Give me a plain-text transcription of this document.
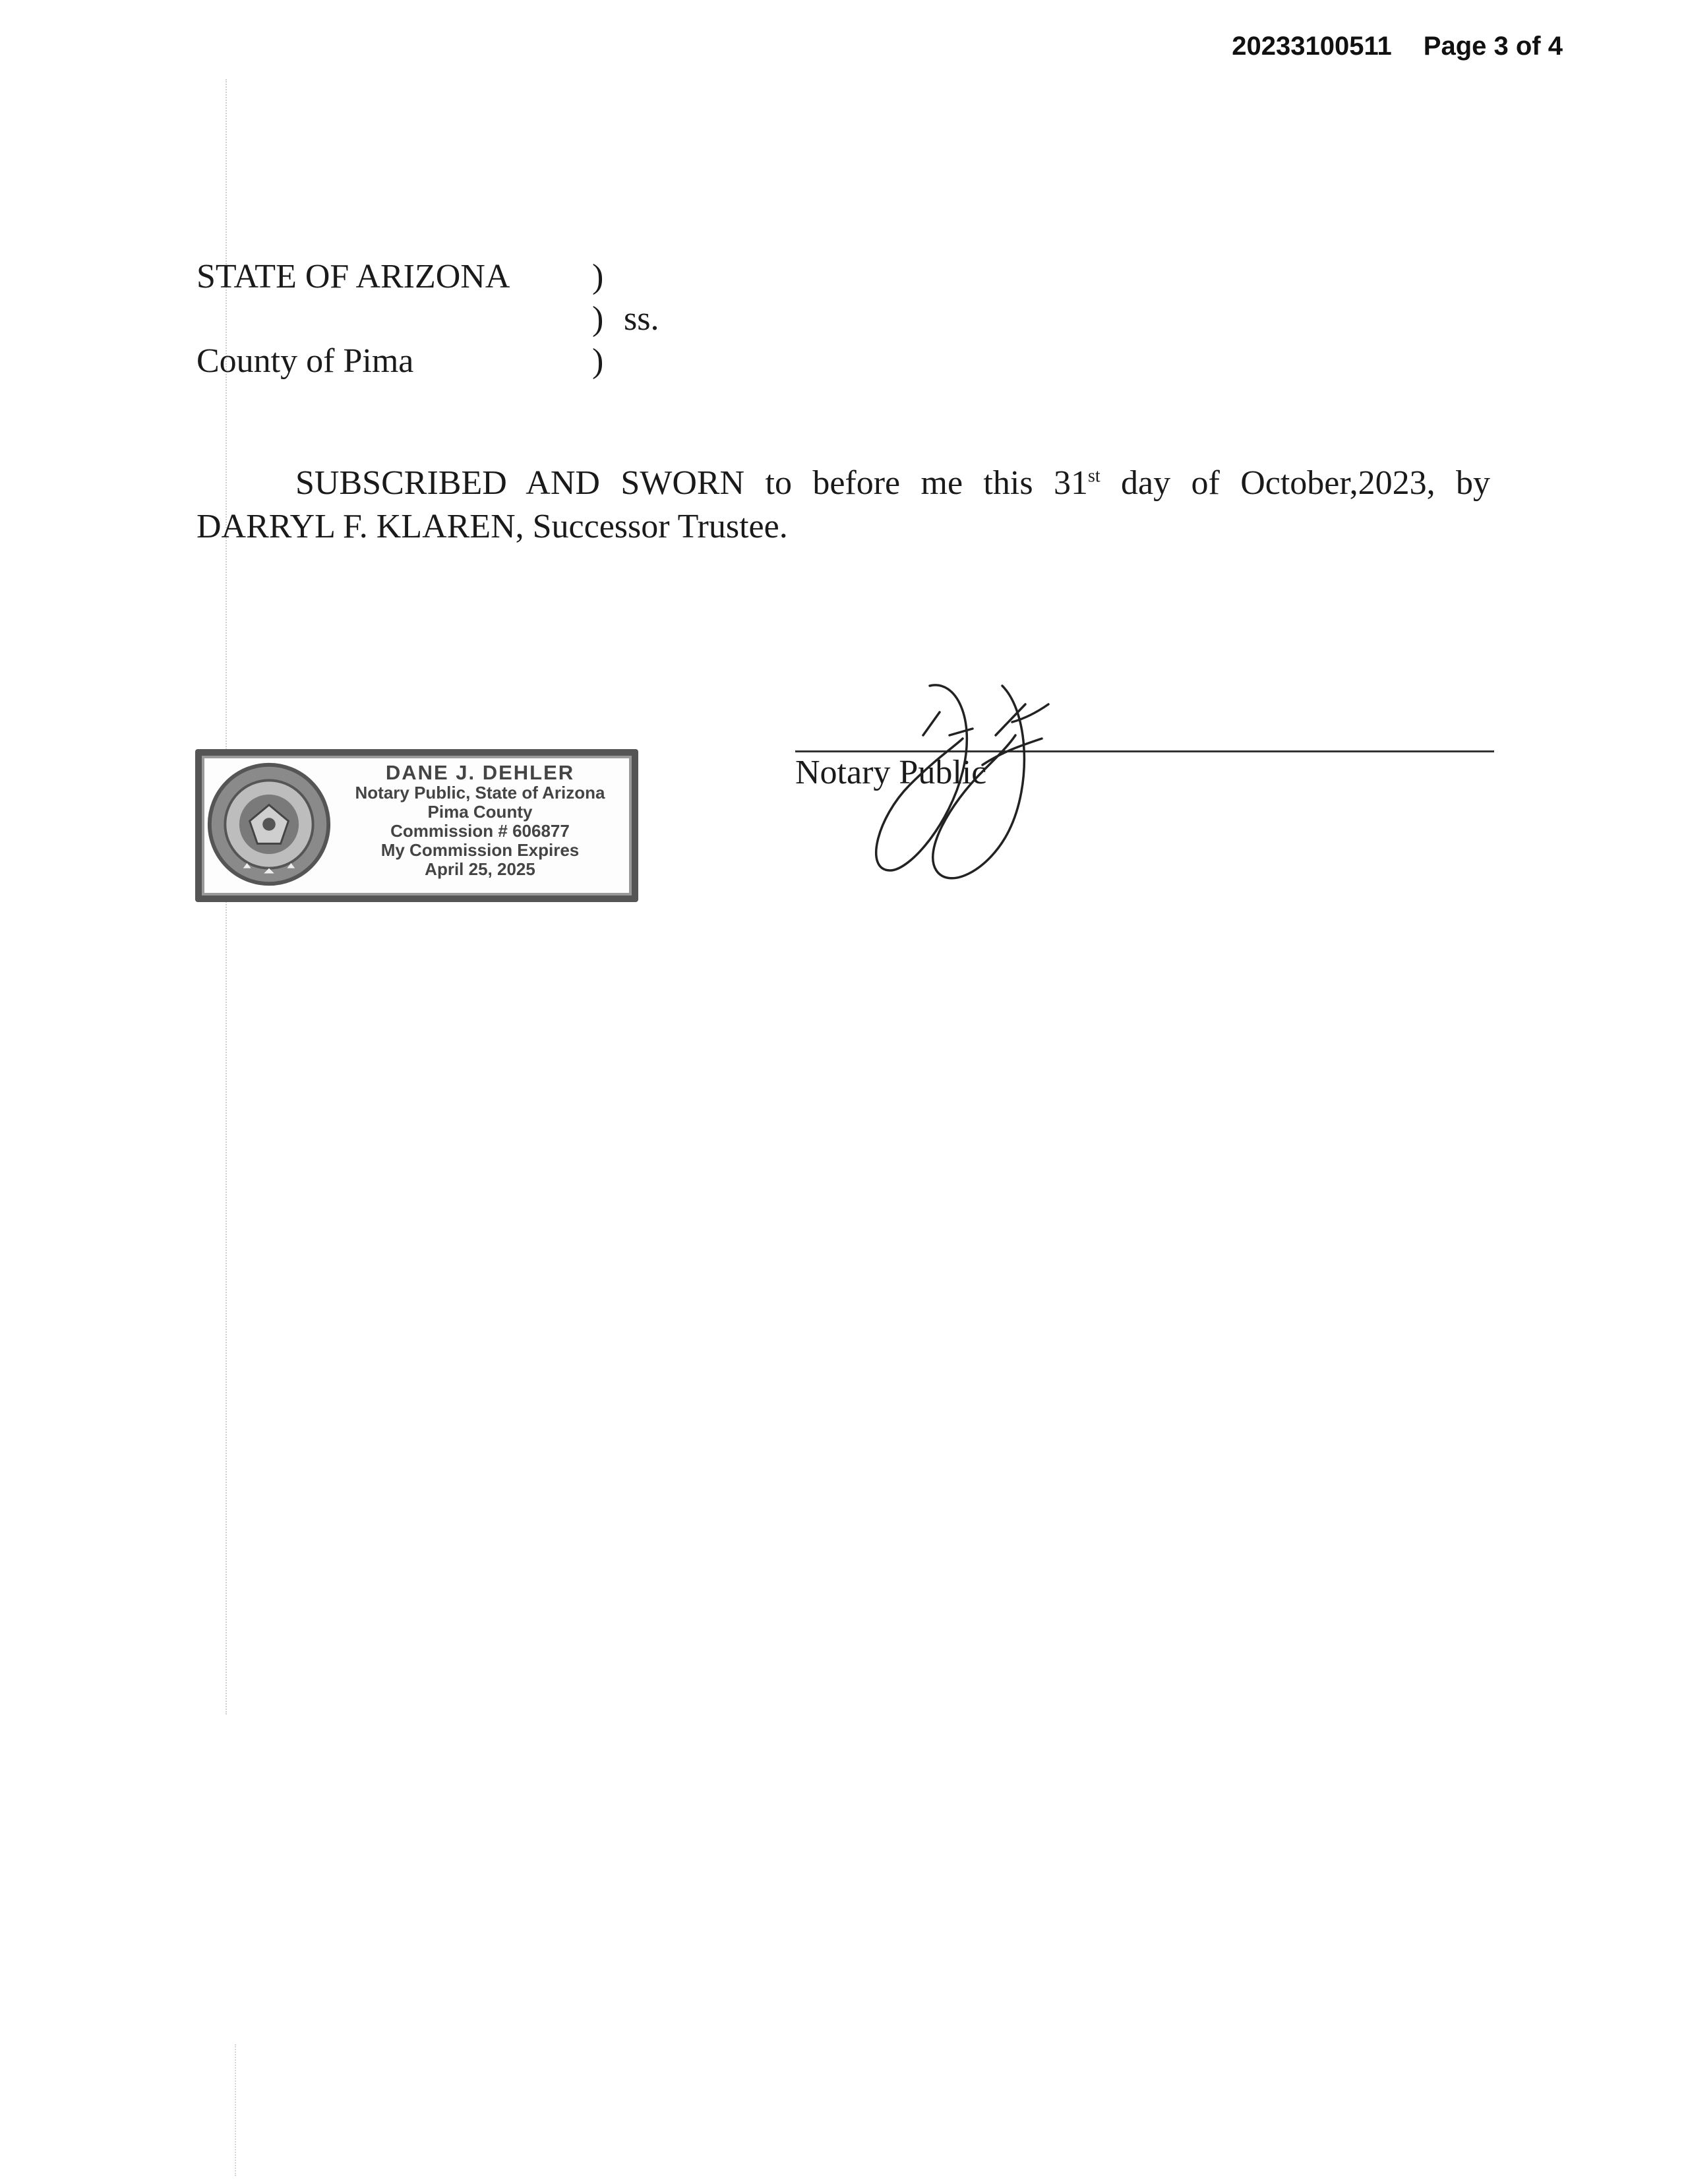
20233100511 Page 3 of 4
STATE OF ARIZONA )
) ss.
County of Pima	)
SUBSCRIBED AND SWORN to before me this 31st day of October,2023, by DARRYL F. KLAREN, Successor Trustee.
DANE J. DEHLER
Notary Public, State of Arizona
Pima County
Commission # 606877
My Commission Expires
April 25, 2025
Notary Public
